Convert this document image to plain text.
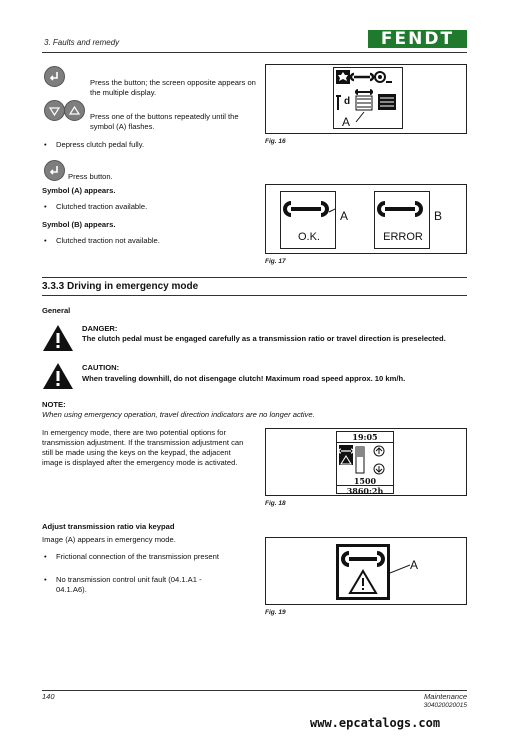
3. Faults and remedy	FENDT
Press the button; the screen opposite appears on the multiple display.
Press one of the buttons repeatedly until the symbol (A) flashes.
• Depress clutch pedal fully.
Press button.
Symbol (A) appears.
• Clutched traction available.
Symbol (B) appears.
• Clutched traction not available.
d
A
Fig. 16
O.K.
A
ERROR
B
Fig. 17
3.3.3 Driving in emergency mode
General
DANGER:
The clutch pedal must be engaged carefully as a transmission ratio or travel direction is preselected.
CAUTION:
When traveling downhill, do not disengage clutch! Maximum road speed approx. 10 km/h.
NOTE:
When using emergency operation, travel direction indicators are no longer active.
In emergency mode, there are two potential options for transmission adjustment. If the transmission adjustment can still be made using the keys on the keypad, the adjacent image is displayed after the emergency mode is activated.
19:05
1500
3860:2h
Fig. 18
Adjust transmission ratio via keypad
Image (A) appears in emergency mode.
• Frictional connection of the transmission present
• No transmission control unit fault (04.1.A1 - 04.1.A6).
A
Fig. 19
140	Maintenance
304020020015
www.epcatalogs.com
